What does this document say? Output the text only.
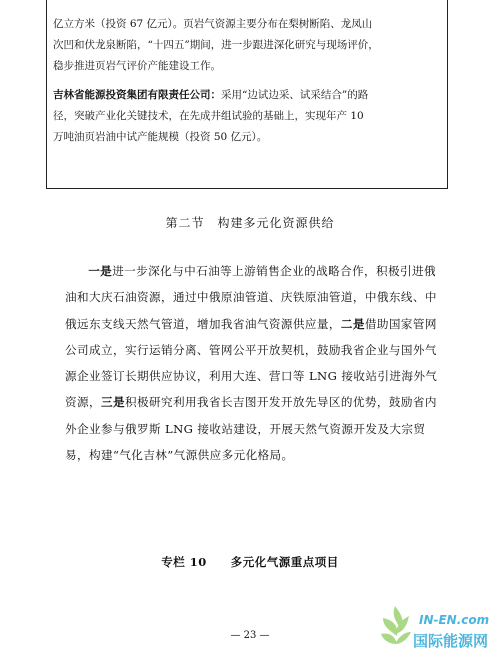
亿立方米（投资 67 亿元）。页岩气资源主要分布在梨树断陷、龙凤山

次凹和伏龙泉断陷，“十四五”期间，进一步跟进深化研究与现场评价，

稳步推进页岩气评价产能建设工作。

吉林省能源投资集团有限责任公司：采用“边试边采、试采结合”的路

径，突破产业化关键技术，在先成井组试验的基础上，实现年产 10

万吨油页岩油中试产能规模（投资 50 亿元）。

第二节　构建多元化资源供给

一是进一步深化与中石油等上游销售企业的战略合作，积极引进俄油和大庆石油资源，通过中俄原油管道、庆铁原油管道，中俄东线、中俄远东支线天然气管道，增加我省油气资源供应量，二是借助国家管网公司成立，实行运销分离、管网公平开放契机，鼓励我省企业与国外气源企业签订长期供应协议，利用大连、营口等 LNG 接收站引进海外气资源，三是积极研究利用我省长吉图开发开放先导区的优势，鼓励省内外企业参与俄罗斯 LNG 接收站建设，开展天然气资源开发及大宗贸易，构建“气化吉林”气源供应多元化格局。

专栏 10　　多元化气源重点项目
— 23 —
IN-EN.com
国际能源网
